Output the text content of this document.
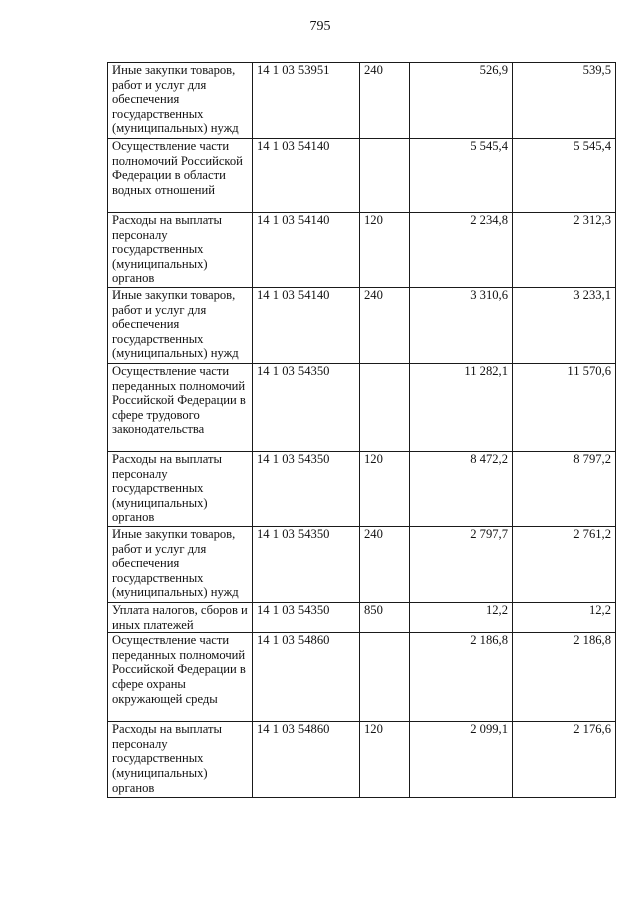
795
Иные закупки товаров, работ и услуг для обеспечения государственных (муниципальных) нужд	14 1 03 53951	240	526,9	539,5
Осуществление части полномочий Российской Федерации в области водных отношений	14 1 03 54140		5 545,4	5 545,4
Расходы на выплаты персоналу государственных (муниципальных) органов	14 1 03 54140	120	2 234,8	2 312,3
Иные закупки товаров, работ и услуг для обеспечения государственных (муниципальных) нужд	14 1 03 54140	240	3 310,6	3 233,1
Осуществление части переданных полномочий Российской Федерации в сфере трудового законодательства	14 1 03 54350		11 282,1	11 570,6
Расходы на выплаты персоналу государственных (муниципальных) органов	14 1 03 54350	120	8 472,2	8 797,2
Иные закупки товаров, работ и услуг для обеспечения государственных (муниципальных) нужд	14 1 03 54350	240	2 797,7	2 761,2
Уплата налогов, сборов и иных платежей	14 1 03 54350	850	12,2	12,2
Осуществление части переданных полномочий Российской Федерации в сфере охраны окружающей среды	14 1 03 54860		2 186,8	2 186,8
Расходы на выплаты персоналу государственных (муниципальных) органов	14 1 03 54860	120	2 099,1	2 176,6
